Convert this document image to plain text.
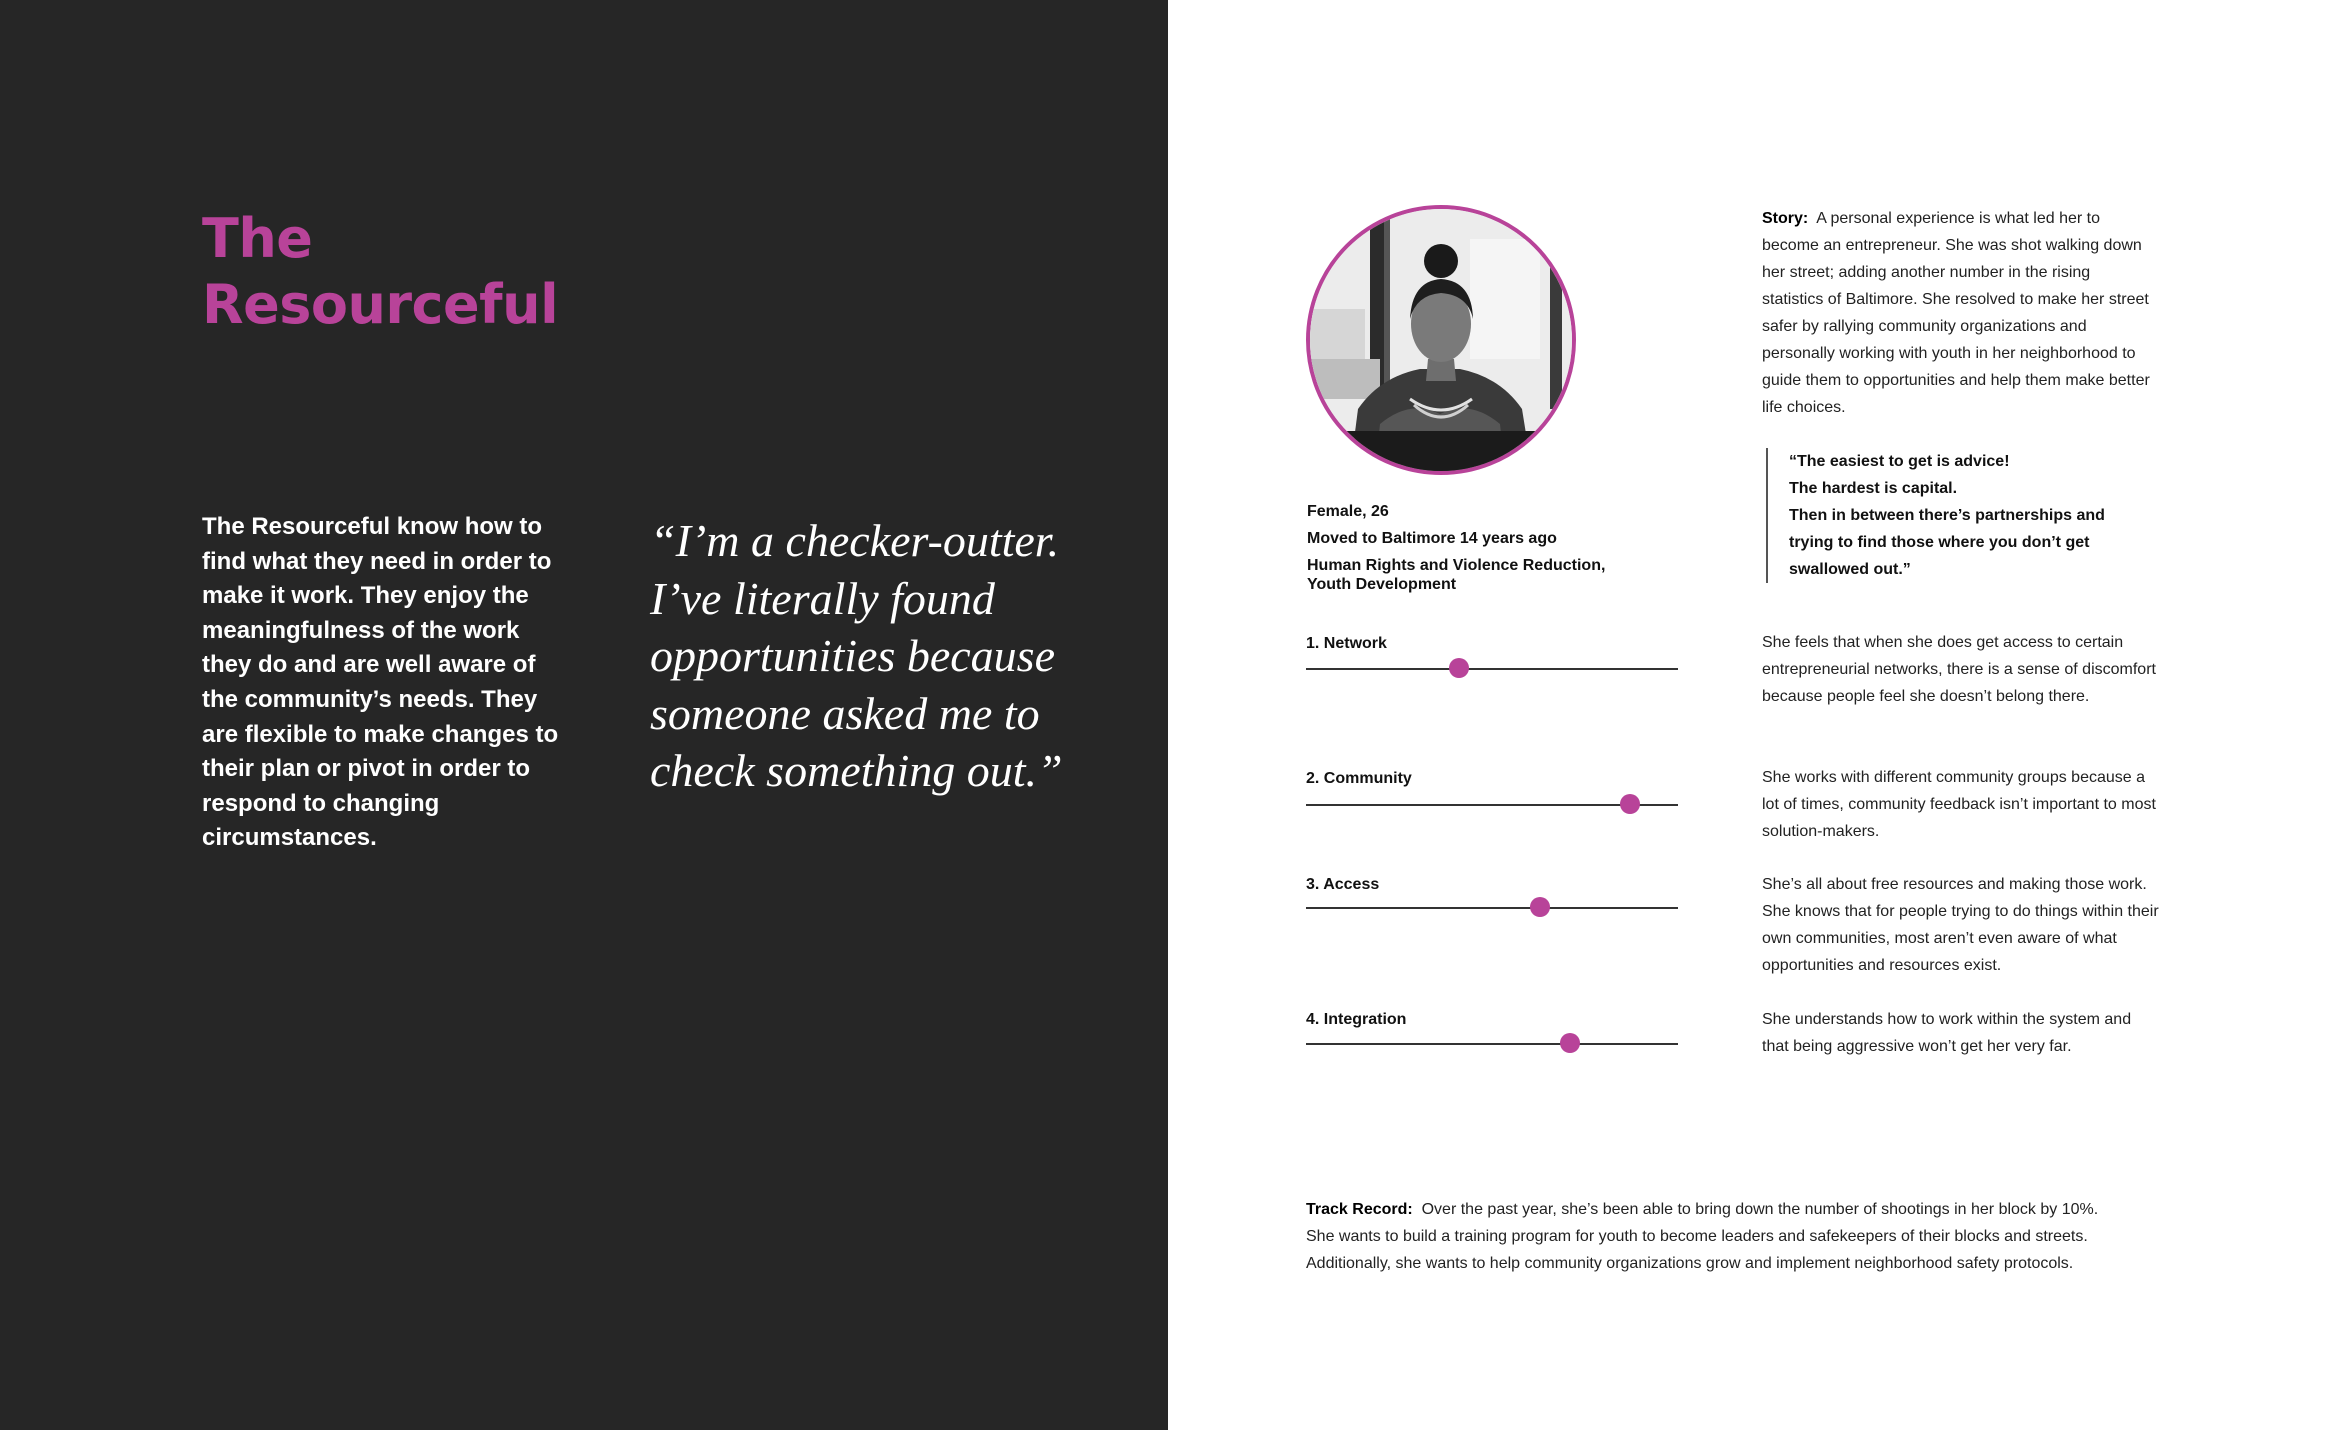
The
Resourceful

The Resourceful know how to find what they need in order to make it work. They enjoy the meaningfulness of the work they do and are well aware of the community’s needs. They are flexible to make changes to their plan or pivot in order to respond to changing circumstances.

“I’m a checker-outter. I’ve literally found opportunities because someone asked me to check something out.”

Female, 26
Moved to Baltimore 14 years ago
Human Rights and Violence Reduction,
Youth Development

Story: A personal experience is what led her to become an entrepreneur. She was shot walking down her street; adding another number in the rising statistics of Baltimore. She resolved to make her street safer by rallying community organizations and personally working with youth in her neighborhood to guide them to opportunities and help them make better life choices.

“The easiest to get is advice!
The hardest is capital.
Then in between there’s partnerships and
trying to find those where you don’t get
swallowed out.”
1. Network	She feels that when she does get access to certain entrepreneurial networks, there is a sense of discomfort because people feel she doesn’t belong there.

2. Community	She works with different community groups because a lot of times, community feedback isn’t important to most solution-makers.

3. Access	She’s all about free resources and making those work. She knows that for people trying to do things within their own communities, most aren’t even aware of what opportunities and resources exist.

4. Integration	She understands how to work within the system and that being aggressive won’t get her very far.

Track Record: Over the past year, she’s been able to bring down the number of shootings in her block by 10%.
She wants to build a training program for youth to become leaders and safekeepers of their blocks and streets.
Additionally, she wants to help community organizations grow and implement neighborhood safety protocols.
